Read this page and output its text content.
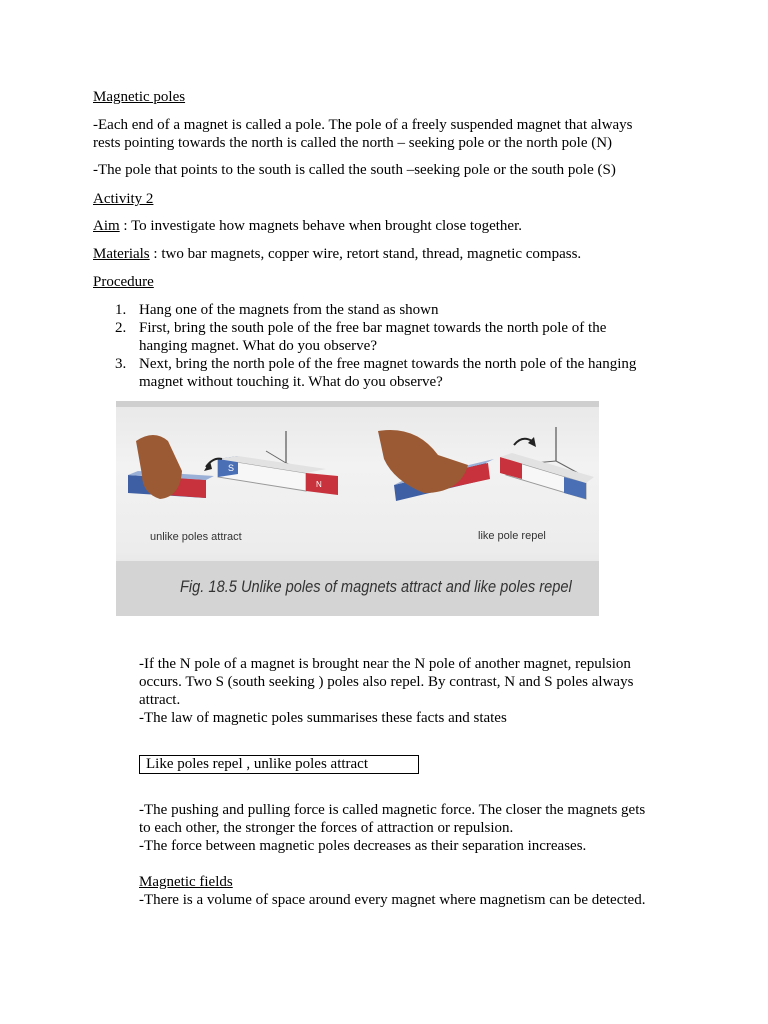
Magnetic poles
-Each end of a magnet is called a pole. The pole of a freely suspended magnet that always
rests pointing towards the north is called the north – seeking pole or the north pole (N)
-The pole that points to the south is called the south –seeking pole or the south pole (S)
Activity 2
Aim : To investigate how magnets behave when brought close together.
Materials : two bar magnets, copper wire, retort stand, thread, magnetic compass.
Procedure
1. Hang one of the magnets from the stand as shown
2. First, bring the south pole of the free bar magnet towards the north pole of the
hanging magnet. What do you observe?
3. Next, bring the north pole of the free magnet towards the north pole of the hanging
magnet without touching it. What do you observe?
S
N
unlike poles attract	like pole repel
Fig. 18.5 Unlike poles of magnets attract and like poles repel
-If the N pole of a magnet is brought near the N pole of another magnet, repulsion
occurs. Two S (south seeking ) poles also repel. By contrast, N and S poles always
attract.
-The law of magnetic poles summarises these facts and states
Like poles repel , unlike poles attract
-The pushing and pulling force is called magnetic force. The closer the magnets gets
to each other, the stronger the forces of attraction or repulsion.
-The force between magnetic poles decreases as their separation increases.
Magnetic fields
-There is a volume of space around every magnet where magnetism can be detected.
